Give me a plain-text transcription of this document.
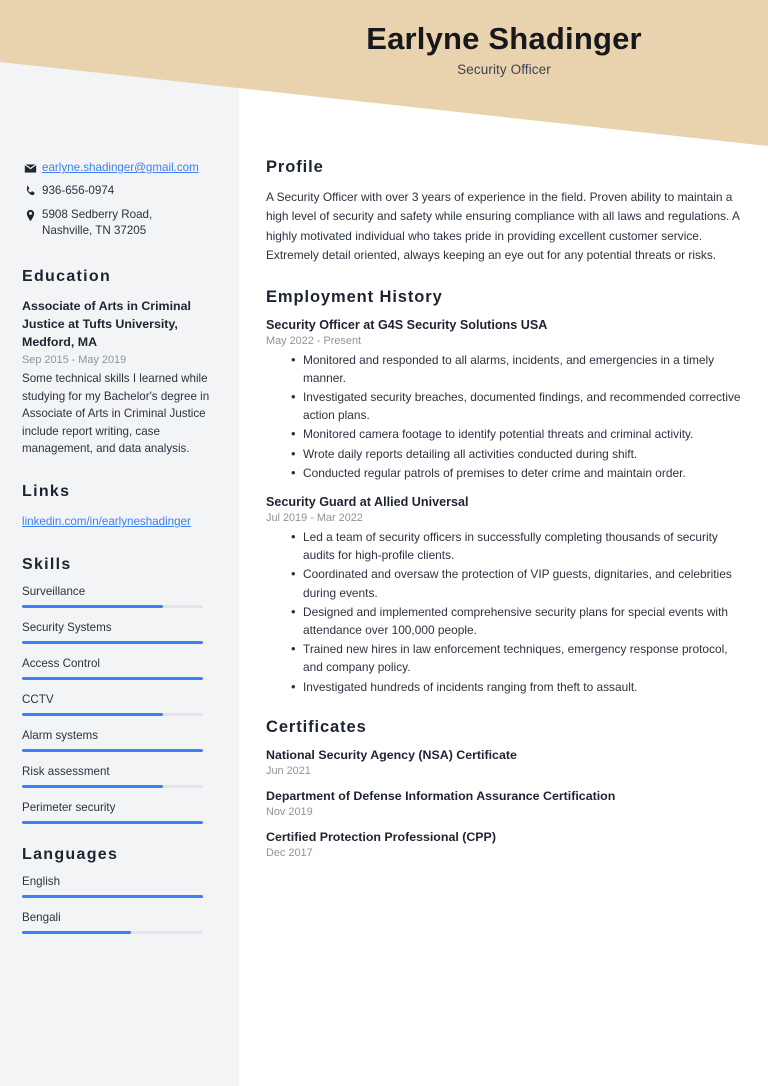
Earlyne Shadinger
Security Officer
earlyne.shadinger@gmail.com
936-656-0974
5908 Sedberry Road,
Nashville, TN 37205
Education
Associate of Arts in Criminal Justice at Tufts University, Medford, MA
Sep 2015 - May 2019
Some technical skills I learned while studying for my Bachelor's degree in Associate of Arts in Criminal Justice include report writing, case management, and data analysis.
Links
linkedin.com/in/earlyneshadinger
Skills
Surveillance
Security Systems
Access Control
CCTV
Alarm systems
Risk assessment
Perimeter security
Languages
English
Bengali
Profile

A Security Officer with over 3 years of experience in the field. Proven ability to maintain a high level of security and safety while ensuring compliance with all laws and regulations. A highly motivated individual who takes pride in providing excellent customer service. Extremely detail oriented, always keeping an eye out for any potential threats or risks.

Employment History
Security Officer at G4S Security Solutions USA
May 2022 - Present
• Monitored and responded to all alarms, incidents, and emergencies in a timely manner.
• Investigated security breaches, documented findings, and recommended corrective action plans.
• Monitored camera footage to identify potential threats and criminal activity.
• Wrote daily reports detailing all activities conducted during shift.
• Conducted regular patrols of premises to deter crime and maintain order.
Security Guard at Allied Universal
Jul 2019 - Mar 2022
• Led a team of security officers in successfully completing thousands of security audits for high-profile clients.
• Coordinated and oversaw the protection of VIP guests, dignitaries, and celebrities during events.
• Designed and implemented comprehensive security plans for special events with attendance over 100,000 people.
• Trained new hires in law enforcement techniques, emergency response protocol, and company policy.
• Investigated hundreds of incidents ranging from theft to assault.
Certificates
National Security Agency (NSA) Certificate
Jun 2021
Department of Defense Information Assurance Certification
Nov 2019
Certified Protection Professional (CPP)
Dec 2017
